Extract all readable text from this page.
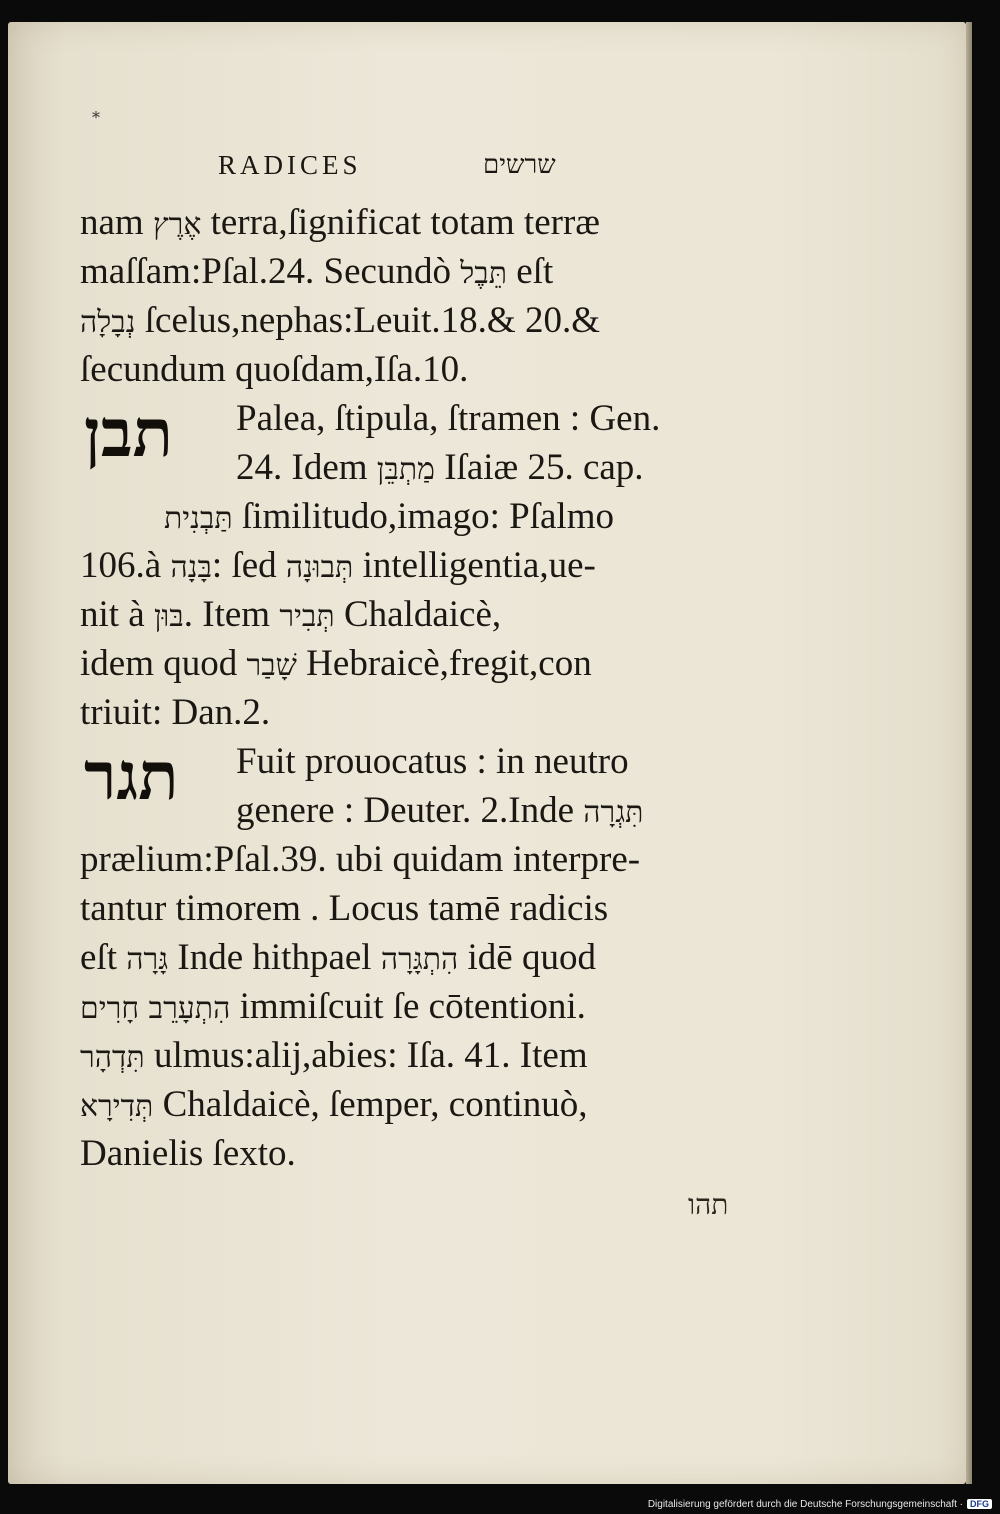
*
RADICES	שרשים
nam אֶרֶץ terra,ſignificat totam terræ
maſſam:Pſal.24. Secundò תֵּבֶל eſt
נְבָלָה ſcelus,nephas:Leuit.18.& 20.&
ſecundum quoſdam,Iſa.10.
תבן	Palea, ſtipula, ſtramen : Gen.
24. Idem מַתְבֵּן Iſaiæ 25. cap.
תַּבְנִית ſimilitudo,imago: Pſalmo
106.à בָּנָה: ſed תְּבוּנָה intelligentia,ue-
nit à בּוּן. Item תְּבִיר Chaldaicè,
idem quod שָׁבַר Hebraicè,fregit,con
triuit: Dan.2.
תגר	Fuit prouocatus : in neutro
genere : Deuter. 2.Inde תִּגְרָה
prælium:Pſal.39. ubi quidam interpre-
tantur timorem . Locus tamē radicis
eſt גָּרָה Inde hithpael הִתְגָּרָה idē quod
הִתְעָרֵב חָרִים immiſcuit ſe cōtentioni.
תִּדְהָר ulmus:alij,abies: Iſa. 41. Item
תְּדִירָא Chaldaicè, ſemper, continuò,
Danielis ſexto.
תהו
Digitalisierung gefördert durch die Deutsche Forschungsgemeinschaft · DFG
